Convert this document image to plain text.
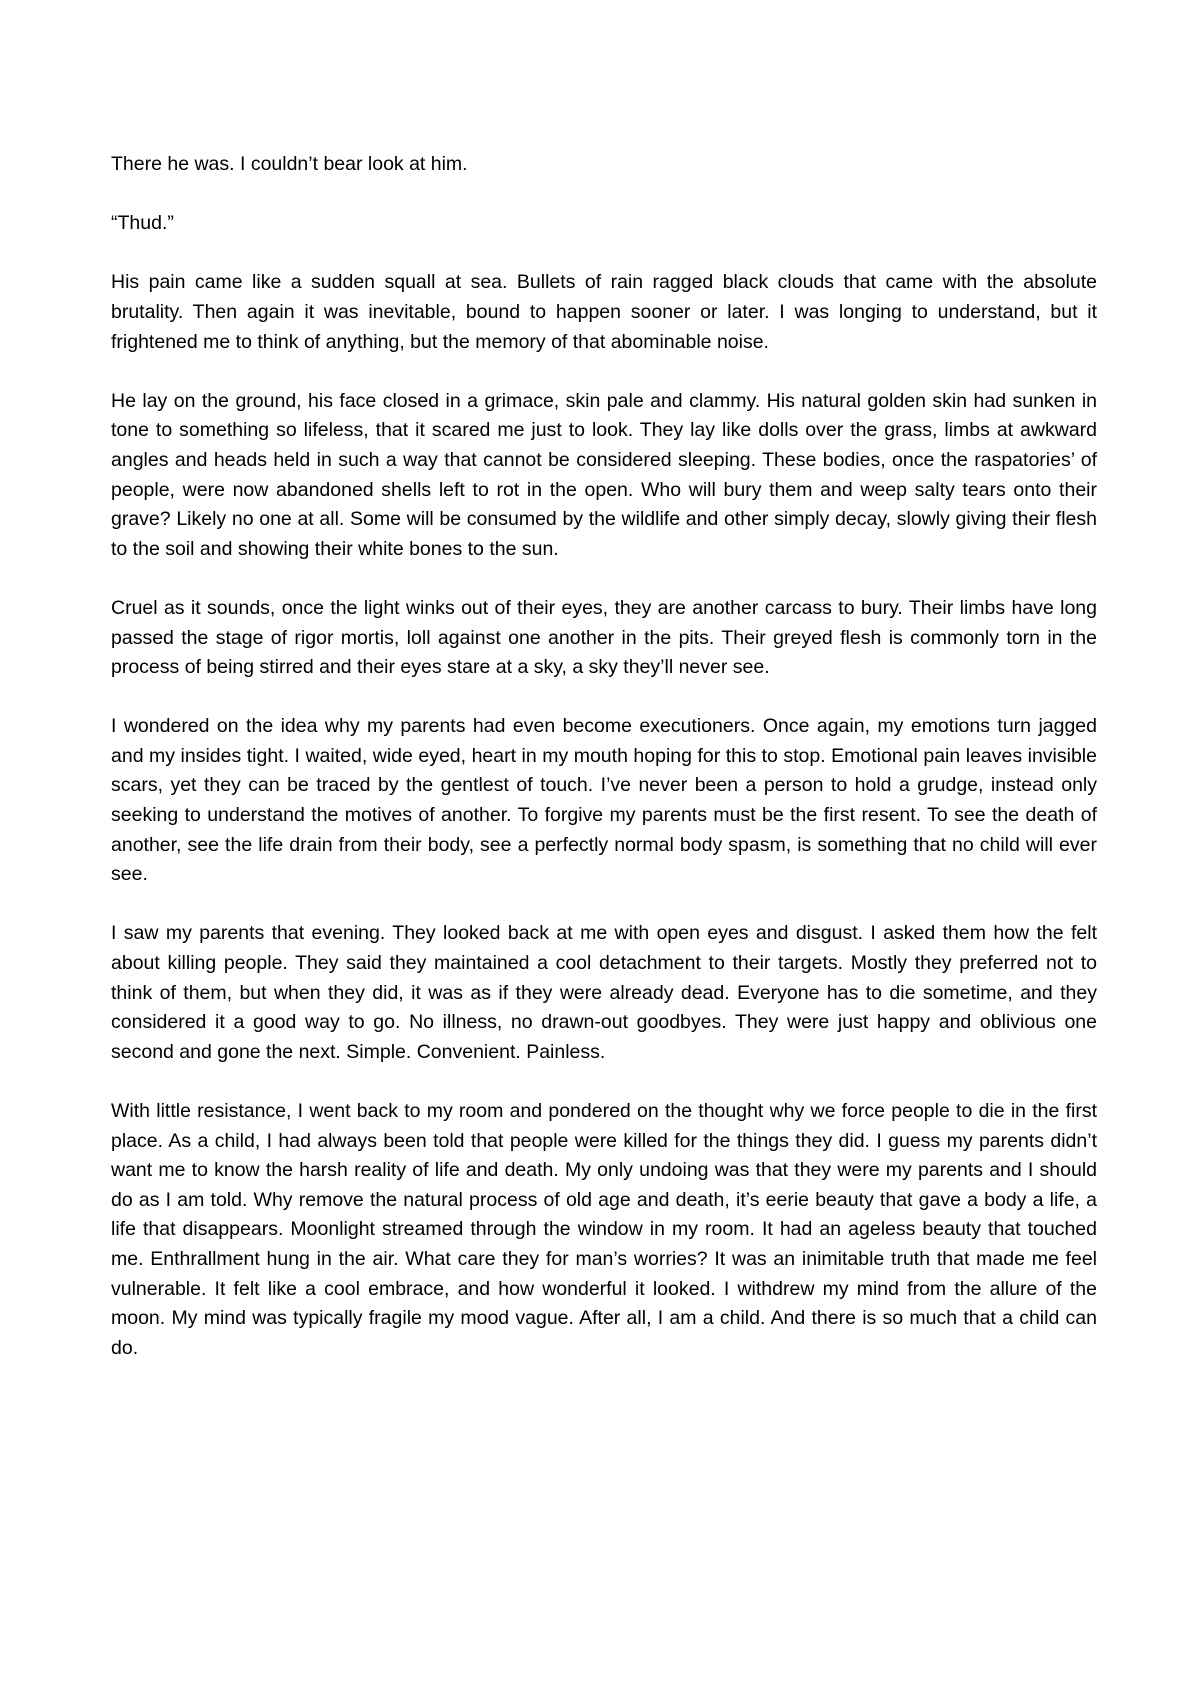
There he was. I couldn’t bear look at him.

“Thud.”

His pain came like a sudden squall at sea. Bullets of rain ragged black clouds that came with the absolute brutality. Then again it was inevitable, bound to happen sooner or later. I was longing to understand, but it frightened me to think of anything, but the memory of that abominable noise.

He lay on the ground, his face closed in a grimace, skin pale and clammy. His natural golden skin had sunken in tone to something so lifeless, that it scared me just to look. They lay like dolls over the grass, limbs at awkward angles and heads held in such a way that cannot be considered sleeping. These bodies, once the raspatories’ of people, were now abandoned shells left to rot in the open. Who will bury them and weep salty tears onto their grave? Likely no one at all. Some will be consumed by the wildlife and other simply decay, slowly giving their flesh to the soil and showing their white bones to the sun.

Cruel as it sounds, once the light winks out of their eyes, they are another carcass to bury. Their limbs have long passed the stage of rigor mortis, loll against one another in the pits. Their greyed flesh is commonly torn in the process of being stirred and their eyes stare at a sky, a sky they’ll never see.

I wondered on the idea why my parents had even become executioners. Once again, my emotions turn jagged and my insides tight. I waited, wide eyed, heart in my mouth hoping for this to stop. Emotional pain leaves invisible scars, yet they can be traced by the gentlest of touch. I’ve never been a person to hold a grudge, instead only seeking to understand the motives of another. To forgive my parents must be the first resent. To see the death of another, see the life drain from their body, see a perfectly normal body spasm, is something that no child will ever see.

I saw my parents that evening. They looked back at me with open eyes and disgust. I asked them how the felt about killing people. They said they maintained a cool detachment to their targets. Mostly they preferred not to think of them, but when they did, it was as if they were already dead. Everyone has to die sometime, and they considered it a good way to go. No illness, no drawn-out goodbyes. They were just happy and oblivious one second and gone the next. Simple. Convenient. Painless.

With little resistance, I went back to my room and pondered on the thought why we force people to die in the first place. As a child, I had always been told that people were killed for the things they did. I guess my parents didn’t want me to know the harsh reality of life and death. My only undoing was that they were my parents and I should do as I am told. Why remove the natural process of old age and death, it’s eerie beauty that gave a body a life, a life that disappears. Moonlight streamed through the window in my room. It had an ageless beauty that touched me. Enthrallment hung in the air. What care they for man’s worries? It was an inimitable truth that made me feel vulnerable. It felt like a cool embrace, and how wonderful it looked. I withdrew my mind from the allure of the moon. My mind was typically fragile my mood vague. After all, I am a child. And there is so much that a child can do.
